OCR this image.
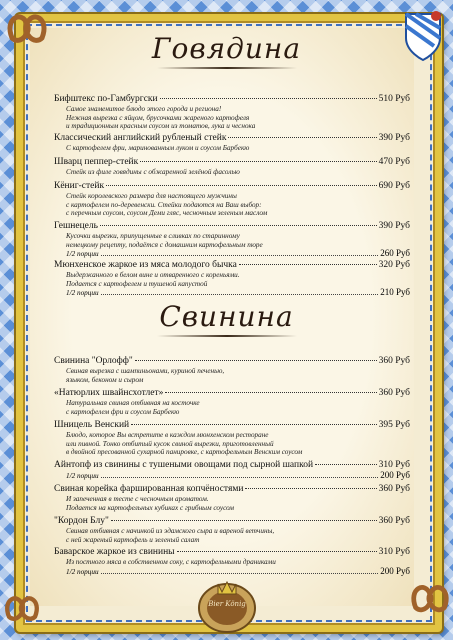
Говядина
Бифштекс по-Гамбургски	510 Руб
Самое знаменитое блюдо этого города и региона!
Нежная вырезка с яйцом, брусочками жареного картофеля
и традиционным красным соусом из томатов, лука и чеснока
Классический английский рубленый стейк	390 Руб
С картофелем фри, маринованным луком и соусом Барбекю
Шварц пеппер-стейк	470 Руб
Стейк из филе говядины с обжаренной зелёной фасолью
Кёниг-стейк	690 Руб
Стейк королевского размера для настоящего мужчины
с картофелем по-деревенски. Стейки подаются на Ваш выбор:
с перечным соусом, соусом Деми гляс, чесночным зеленым маслом
Гешнецель	390 Руб
Кусочки вырезки, припущенные в сливках по старинному
немецкому рецепту, подаётся с домашним картофельным пюре
1/2 порции	260 Руб
Мюнхенское жаркое из мяса молодого бычка	320 Руб
Выдержанного в белом вине и отваренного с кореньями.
Подается с картофелем и тушеной капустой
1/2 порции	210 Руб
Свинина
Свинина "Орлофф"	360 Руб
Свиная вырезка с шампиньонами, куриной печенью,
языком, беконом и сыром
«Натюрлих швайнсхотлет»	360 Руб
Натуральная свиная отбивная на косточке
с картофелем фри и соусом Барбекю
Шницель Венский	395 Руб
Блюдо, которое Вы встретите в каждом мюнхенском ресторане
или пивной. Тонко отбитый кусок свиной вырезки, приготовленный
в двойной пресованной сухарной панировке, с картофельным Венским соусом
Айнтопф из свинины с тушеными овощами под сырной шапкой	310 Руб
1/2 порции	200 Руб
Свиная корейка фаршированная копчёностями	360 Руб
И запеченная в тесте с чесночным ароматом.
Подается на картофельных кубиках с грибным соусом
"Кордон Блу"	360 Руб
Свиная отбивная с начинкой из эдамского сыра и вареной ветчины,
с ней жареный картофель и зеленый салат
Баварское жаркое из свинины	310 Руб
Из постного мяса в собственном соку, с картофельными драниками
1/2 порции	200 Руб
Bier König
